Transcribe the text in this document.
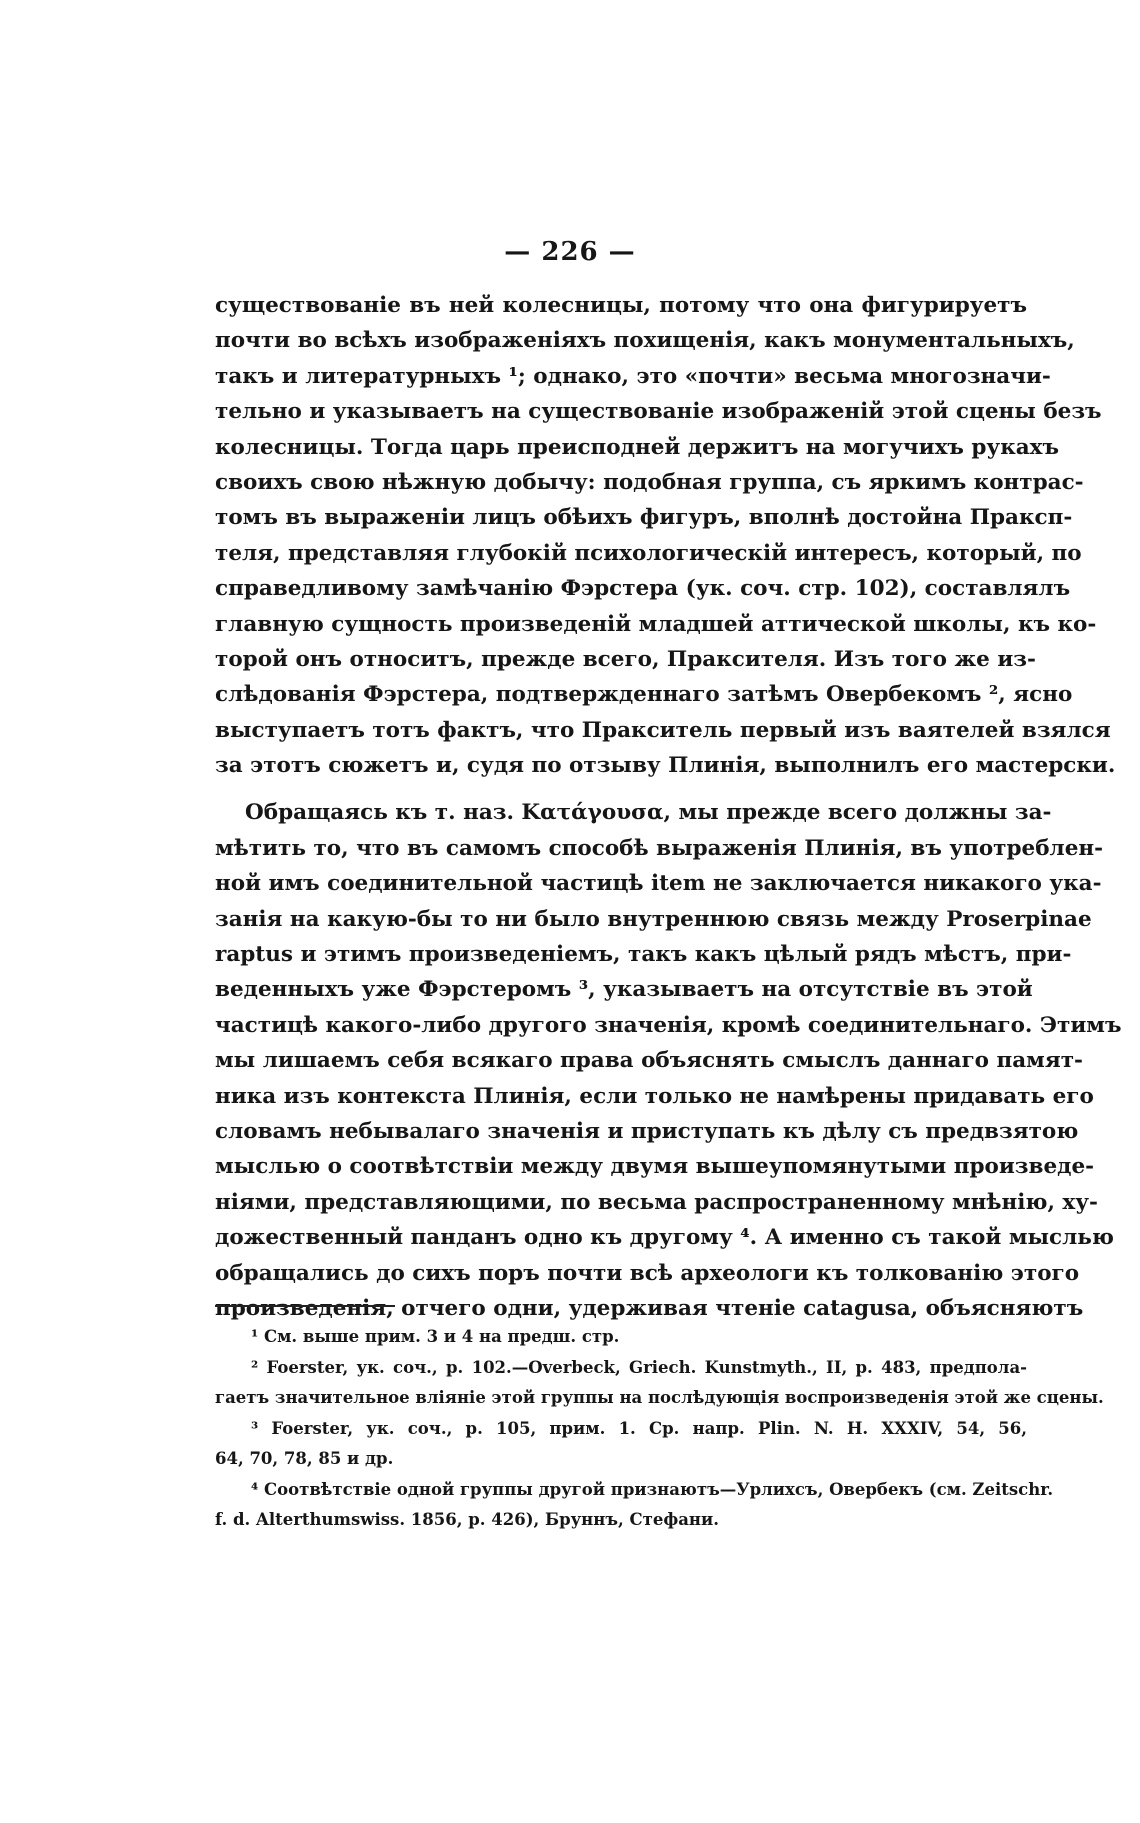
— 226 —
существованіе въ ней колесницы, потому что она фигурируетъ
почти во всѣхъ изображеніяхъ похищенія, какъ монументальныхъ,
такъ и литературныхъ ¹; однако, это «почти» весьма многозначи-
тельно и указываетъ на существованіе изображеній этой сцены безъ
колесницы. Тогда царь преисподней держитъ на могучихъ рукахъ
своихъ свою нѣжную добычу: подобная группа, съ яркимъ контрас-
томъ въ выраженіи лицъ обѣихъ фигуръ, вполнѣ достойна Праксп-
теля, представляя глубокій психологическій интересъ, который, по
справедливому замѣчанію Фэрстера (ук. соч. стр. 102), составлялъ
главную сущность произведеній младшей аттической школы, къ ко-
торой онъ относитъ, прежде всего, Праксителя. Изъ того же из-
слѣдованія Фэрстера, подтвержденнаго затѣмъ Овербекомъ ², ясно
выступаетъ тотъ фактъ, что Пракситель первый изъ ваятелей взялся
за этотъ сюжетъ и, судя по отзыву Плинія, выполнилъ его мастерски.
Обращаясь къ т. наз. Κατάγουσα, мы прежде всего должны за-
мѣтить то, что въ самомъ способѣ выраженія Плинія, въ употреблен-
ной имъ соединительной частицѣ item не заключается никакого ука-
занія на какую-бы то ни было внутреннюю связь между Proserpinae
raptus и этимъ произведеніемъ, такъ какъ цѣлый рядъ мѣстъ, при-
веденныхъ уже Фэрстеромъ ³, указываетъ на отсутствіе въ этой
частицѣ какого-либо другого значенія, кромѣ соединительнаго. Этимъ
мы лишаемъ себя всякаго права объяснять смыслъ даннаго памят-
ника изъ контекста Плинія, если только не намѣрены придавать его
словамъ небывалаго значенія и приступать къ дѣлу съ предвзятою
мыслью о соотвѣтствіи между двумя вышеупомянутыми произведе-
ніями, представляющими, по весьма распространенному мнѣнію, ху-
дожественный панданъ одно къ другому ⁴. А именно съ такой мыслью
обращались до сихъ поръ почти всѣ археологи къ толкованію этого
произведенія, отчего одни, удерживая чтеніе catagusa, объясняютъ
¹ См. выше прим. 3 и 4 на предш. стр.
² Foerster, ук. соч., p. 102.—Overbeck, Griech. Kunstmyth., II, p. 483, предпола-
гаетъ значительное вліяніе этой группы на послѣдующія воспроизведенія этой же сцены.
³ Foerster, ук. соч., р. 105, прим. 1. Ср. напр. Plin. N. H. XXXIV, 54, 56,
64, 70, 78, 85 и др.
⁴ Соотвѣтствіе одной группы другой признаютъ—Урлихсъ, Овербекъ (см. Zeitschr.
f. d. Alterthumswiss. 1856, p. 426), Бруннъ, Стефани.
